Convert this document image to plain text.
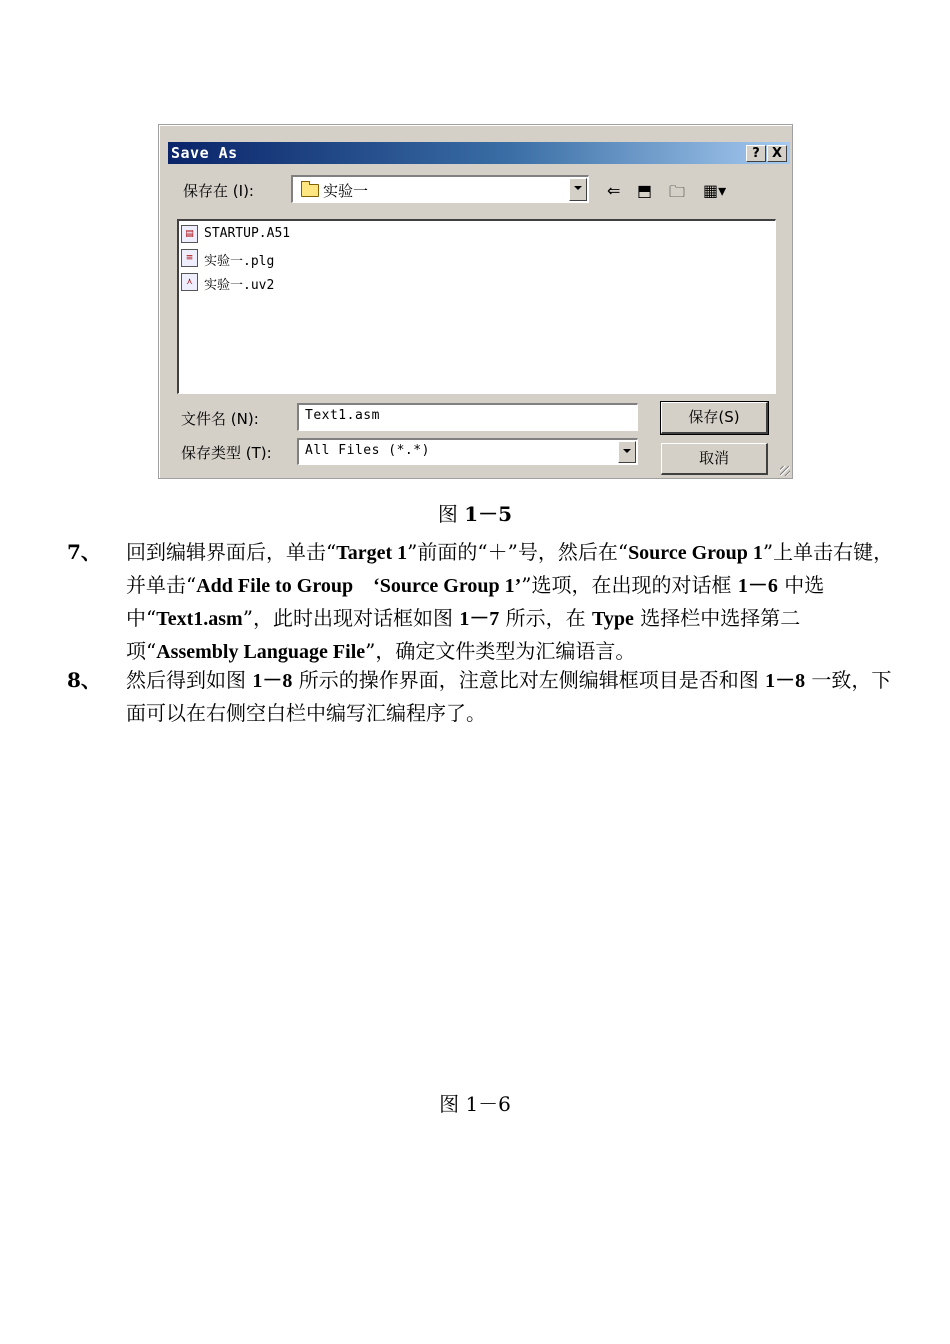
Save As	? X
保存在 (I):	实验一	⇐ ⬒ 🗀 ▦▾
▤ STARTUP.A51
≡ 实验一.plg
⋏ 实验一.uv2
文件名 (N):	Text1.asm	保存(S)
保存类型 (T):	All Files (*.*)	取消
图 1－5
7、 回到编辑界面后，单击“Target 1”前面的“＋”号，然后在“Source Group 1”上单击右键，并单击“Add File to Group　‘Source Group 1’”选项，在出现的对话框 1－6 中选中“Text1.asm”，此时出现对话框如图 1－7 所示，在 Type 选择栏中选择第二项“Assembly Language File”，确定文件类型为汇编语言。
8、 然后得到如图 1－8 所示的操作界面，注意比对左侧编辑框项目是否和图 1－8 一致，下面可以在右侧空白栏中编写汇编程序了。
图 1－6
